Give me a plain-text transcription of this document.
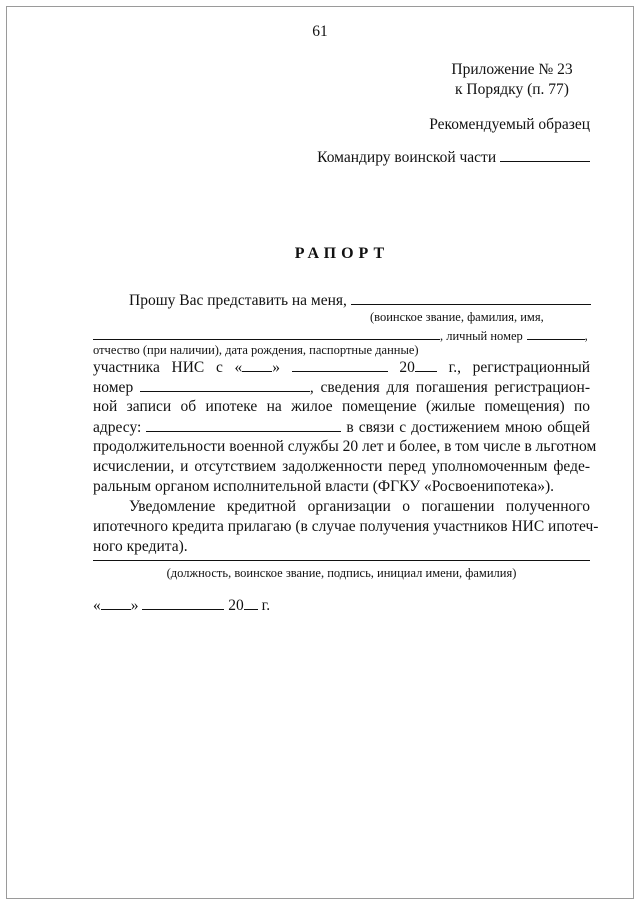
61
Приложение № 23
к Порядку (п. 77)
Рекомендуемый образец
Командиру воинской части
РАПОРТ
Прошу Вас представить на меня,
(воинское звание, фамилия, имя,
, личный номер	,
отчество (при наличии), дата рождения, паспортные данные)
участника НИС с « »	20 г., регистрационный
номер	, сведения для погашения регистрацион-
ной записи об ипотеке на жилое помещение (жилые помещения) по
адресу:	в связи с достижением мною общей
продолжительности военной службы 20 лет и более, в том числе в льготном
исчислении, и отсутствием задолженности перед уполномоченным феде-
ральным органом исполнительной власти (ФГКУ «Росвоенипотека»).
Уведомление кредитной организации о погашении полученного
ипотечного кредита прилагаю (в случае получения участников НИС ипотеч-
ного кредита).
(должность, воинское звание, подпись, инициал имени, фамилия)
« »	20 г.
